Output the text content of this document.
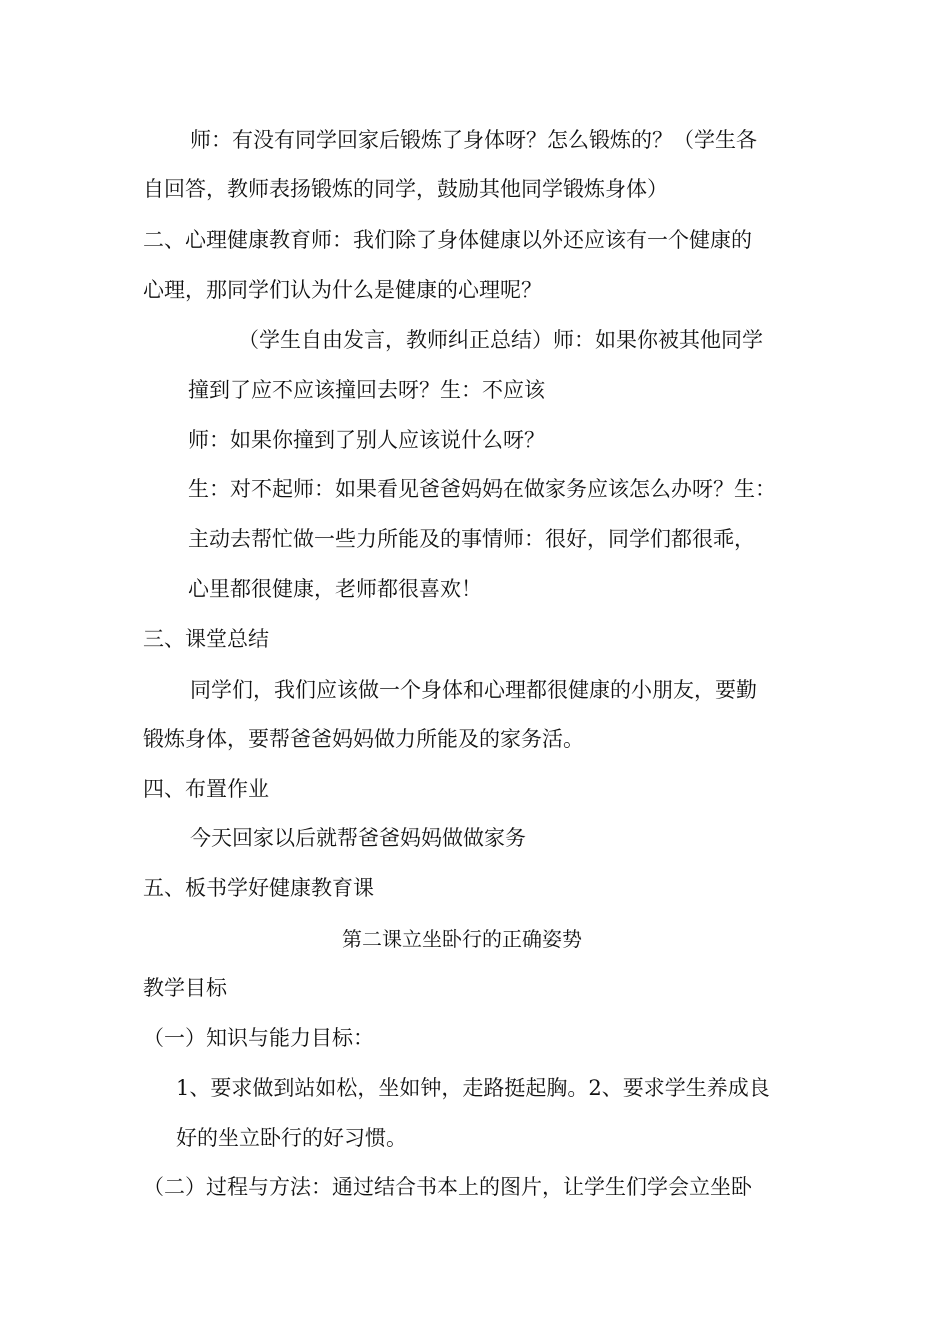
师：有没有同学回家后锻炼了身体呀？怎么锻炼的？（学生各
自回答，教师表扬锻炼的同学，鼓励其他同学锻炼身体）
二、心理健康教育师：我们除了身体健康以外还应该有一个健康的
心理，那同学们认为什么是健康的心理呢？
（学生自由发言，教师纠正总结）师：如果你被其他同学
撞到了应不应该撞回去呀？生：不应该
师：如果你撞到了别人应该说什么呀？
生：对不起师：如果看见爸爸妈妈在做家务应该怎么办呀？生：
主动去帮忙做一些力所能及的事情师：很好，同学们都很乖，
心里都很健康，老师都很喜欢！
三、课堂总结
同学们，我们应该做一个身体和心理都很健康的小朋友，要勤
锻炼身体，要帮爸爸妈妈做力所能及的家务活。
四、布置作业
今天回家以后就帮爸爸妈妈做做家务
五、板书学好健康教育课
第二课立坐卧行的正确姿势
教学目标
（一）知识与能力目标：
1、要求做到站如松，坐如钟，走路挺起胸。2、要求学生养成良
好的坐立卧行的好习惯。
（二）过程与方法：通过结合书本上的图片，让学生们学会立坐卧
